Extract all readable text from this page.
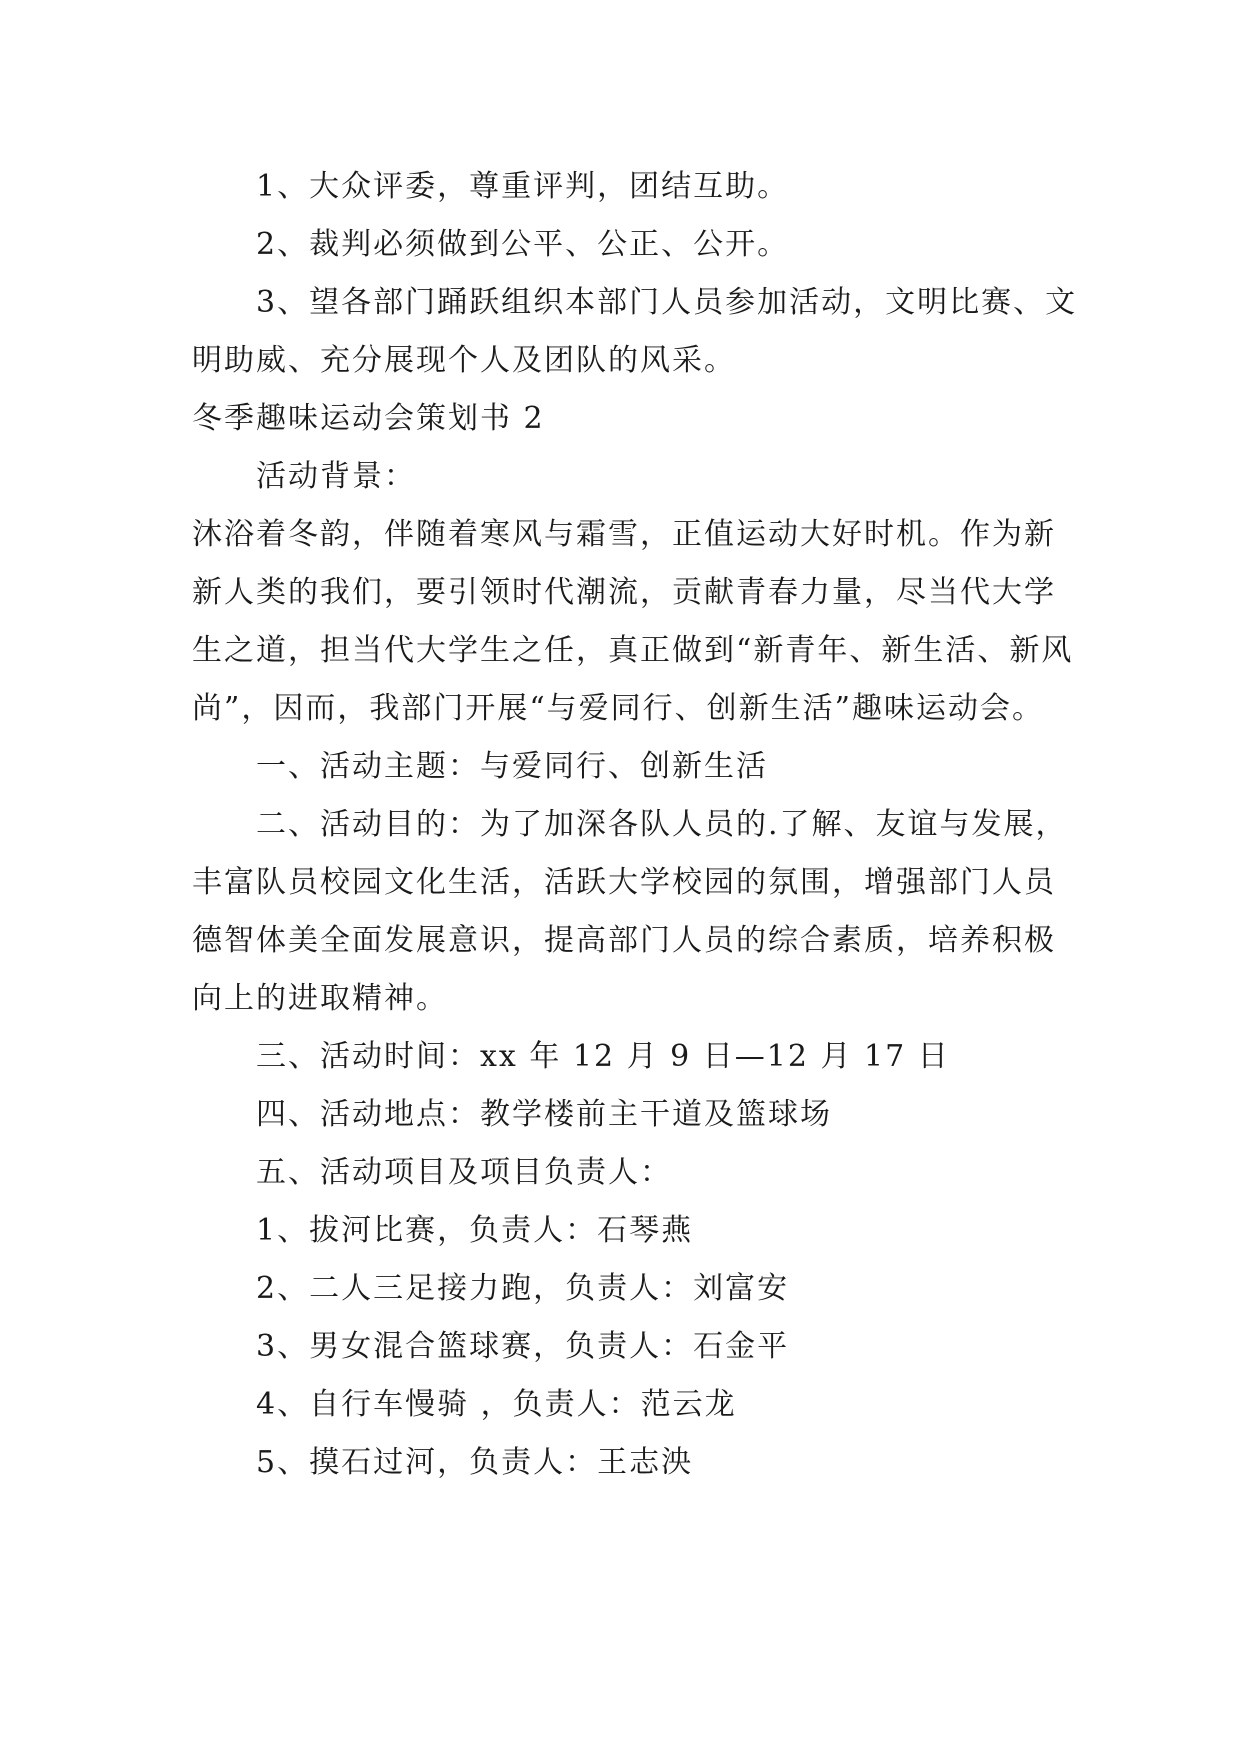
1、大众评委，尊重评判，团结互助。

2、裁判必须做到公平、公正、公开。

3、望各部门踊跃组织本部门人员参加活动，文明比赛、文明助威、充分展现个人及团队的风采。

冬季趣味运动会策划书 2

活动背景：

沐浴着冬韵，伴随着寒风与霜雪，正值运动大好时机。作为新新人类的我们，要引领时代潮流，贡献青春力量，尽当代大学生之道，担当代大学生之任，真正做到“新青年、新生活、新风尚”，因而，我部门开展“与爱同行、创新生活”趣味运动会。

一、活动主题：与爱同行、创新生活

二、活动目的：为了加深各队人员的.了解、友谊与发展，丰富队员校园文化生活，活跃大学校园的氛围，增强部门人员德智体美全面发展意识，提高部门人员的综合素质，培养积极向上的进取精神。

三、活动时间：xx 年 12 月 9 日—12 月 17 日

四、活动地点：教学楼前主干道及篮球场

五、活动项目及项目负责人：

1、拔河比赛，负责人：石琴燕

2、二人三足接力跑，负责人：刘富安

3、男女混合篮球赛，负责人：石金平

4、自行车慢骑 ，负责人：范云龙

5、摸石过河，负责人：王志泱
